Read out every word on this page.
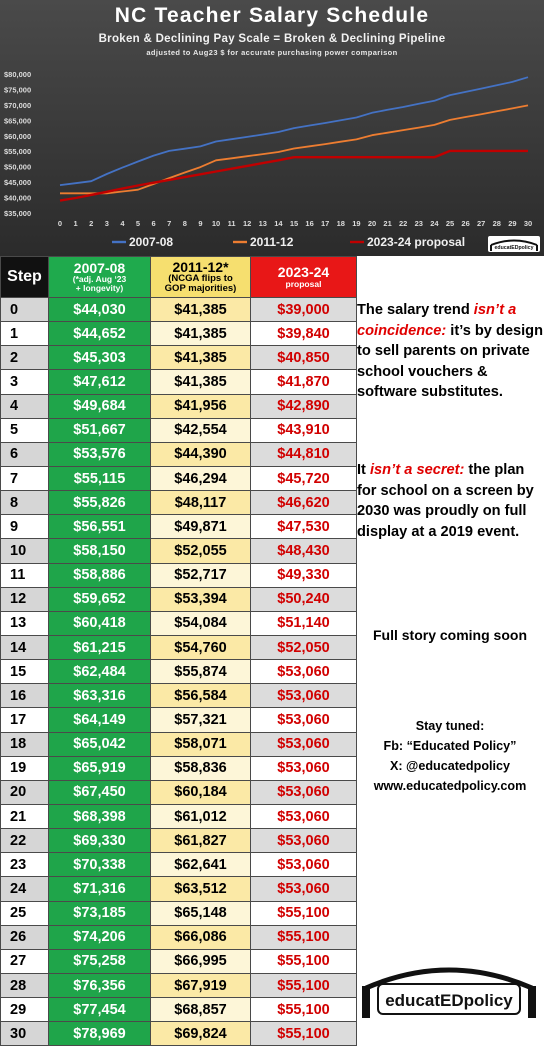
$35,000
$40,000
$45,000
$50,000
$55,000
$60,000
$65,000
$70,000
$75,000
$80,000
0 1 2 3 4 5 6 7 8 9 10 11 12 13 14 15 16 17 18 19 20 21 22 23 24 25 26 27 28 29 30
2007-08	2011-12	2023-24 proposal
NC Teacher Salary Schedule
Broken & Declining Pay Scale = Broken & Declining Pipeline
adjusted to Aug23 $ for accurate purchasing power comparison
educatEDpolicy
Step	2007-08
(*adj. Aug ‘23
+ longevity)	2011-12*
(NCGA flips to
GOP majorities)	2023-24
proposal

0	$44,030	$41,385	$39,000
1	$44,652	$41,385	$39,840
2	$45,303	$41,385	$40,850
3	$47,612	$41,385	$41,870
4	$49,684	$41,956	$42,890
5	$51,667	$42,554	$43,910
6	$53,576	$44,390	$44,810
7	$55,115	$46,294	$45,720
8	$55,826	$48,117	$46,620
9	$56,551	$49,871	$47,530
10	$58,150	$52,055	$48,430
11	$58,886	$52,717	$49,330
12	$59,652	$53,394	$50,240
13	$60,418	$54,084	$51,140
14	$61,215	$54,760	$52,050
15	$62,484	$55,874	$53,060
16	$63,316	$56,584	$53,060
17	$64,149	$57,321	$53,060
18	$65,042	$58,071	$53,060
19	$65,919	$58,836	$53,060
20	$67,450	$60,184	$53,060
21	$68,398	$61,012	$53,060
22	$69,330	$61,827	$53,060
23	$70,338	$62,641	$53,060
24	$71,316	$63,512	$53,060
25	$73,185	$65,148	$55,100
26	$74,206	$66,086	$55,100
27	$75,258	$66,995	$55,100
28	$76,356	$67,919	$55,100
29	$77,454	$68,857	$55,100
30	$78,969	$69,824	$55,100
The salary trend isn’t a coincidence: it’s by design to sell parents on private school vouchers & software substitutes.
It isn’t a secret: the plan for school on a screen by 2030 was proudly on full display at a 2019 event.
Full story coming soon
Stay tuned:
Fb: “Educated Policy”
X: @educatedpolicy
www.educatedpolicy.com
educatEDpolicy
